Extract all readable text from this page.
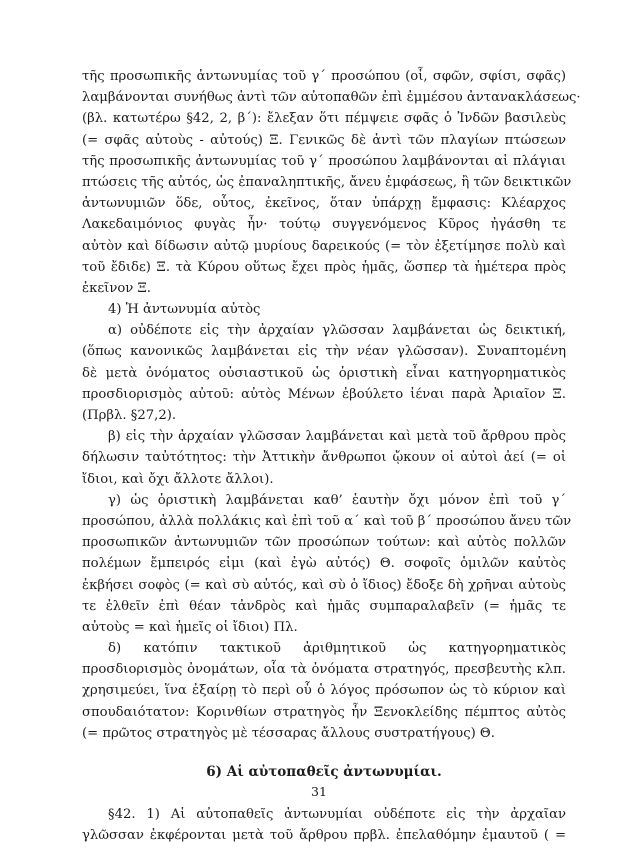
τῆς προσωπικῆς ἀντωνυμίας τοῦ γ΄ προσώπου (οἷ, σφῶν, σφίσι, σφᾶς)
λαμβάνονται συνήθως ἀντὶ τῶν αὐτοπαθῶν ἐπὶ ἐμμέσου ἀντανακλάσεως·
(βλ. κατωτέρω §42, 2, β΄): ἔλεξαν ὅτι πέμψειε σφᾶς ὁ Ἰνδῶν βασιλεὺς
(= σφᾶς αὐτοὺς - αὐτούς) Ξ. Γενικῶς δὲ ἀντὶ τῶν πλαγίων πτώσεων
τῆς προσωπικῆς ἀντωνυμίας τοῦ γ΄ προσώπου λαμβάνονται αἱ πλάγιαι
πτώσεις τῆς αὐτός, ὡς ἐπαναληπτικῆς, ἄνευ ἐμφάσεως, ἢ τῶν δεικτικῶν
ἀντωνυμιῶν ὅδε, οὗτος, ἐκεῖνος, ὅταν ὑπάρχῃ ἔμφασις: Κλέαρχος
Λακεδαιμόνιος φυγὰς ἦν· τούτῳ συγγενόμενος Κῦρος ἠγάσθη τε
αὐτὸν καὶ δίδωσιν αὐτῷ μυρίους δαρεικούς (= τὸν ἐξετίμησε πολὺ καὶ
τοῦ ἔδιδε) Ξ. τὰ Κύρου οὕτως ἔχει πρὸς ἡμᾶς, ὥσπερ τὰ ἡμέτερα πρὸς
ἐκεῖνον Ξ.
4) Ἡ ἀντωνυμία αὐτὸς
α) οὐδέποτε εἰς τὴν ἀρχαίαν γλῶσσαν λαμβάνεται ὡς δεικτική,
(ὅπως κανονικῶς λαμβάνεται εἰς τὴν νέαν γλῶσσαν). Συναπτομένη
δὲ μετὰ ὀνόματος οὐσιαστικοῦ ὡς ὁριστικὴ εἶναι κατηγορηματικὸς
προσδιορισμὸς αὐτοῦ: αὐτὸς Μένων ἐβούλετο ἰέναι παρὰ Ἀριαῖον Ξ.
(Πρβλ. §27,2).
β) εἰς τὴν ἀρχαίαν γλῶσσαν λαμβάνεται καὶ μετὰ τοῦ ἄρθρου πρὸς
δήλωσιν ταὐτότητος: τὴν Ἀττικὴν ἄνθρωποι ᾤκουν οἱ αὐτοὶ ἀεί (= οἱ
ἴδιοι, καὶ ὄχι ἄλλοτε ἄλλοι).
γ) ὡς ὁριστικὴ λαμβάνεται καθ’ ἑαυτὴν ὄχι μόνον ἐπὶ τοῦ γ΄
προσώπου, ἀλλὰ πολλάκις καὶ ἐπὶ τοῦ α΄ καὶ τοῦ β΄ προσώπου ἄνευ τῶν
προσωπικῶν ἀντωνυμιῶν τῶν προσώπων τούτων: καὶ αὐτὸς πολλῶν
πολέμων ἔμπειρός εἰμι (καὶ ἐγὼ αὐτός) Θ. σοφοῖς ὁμιλῶν καὐτὸς
ἐκβήσει σοφὸς (= καὶ σὺ αὐτός, καὶ σὺ ὁ ἴδιος) ἔδοξε δὴ χρῆναι αὐτοὺς
τε ἐλθεῖν ἐπὶ θέαν τἀνδρὸς καὶ ἡμᾶς συμπαραλαβεῖν (= ἡμᾶς τε
αὐτοὺς = καὶ ἡμεῖς οἱ ἴδιοι) Πλ.
δ) κατόπιν τακτικοῦ ἀριθμητικοῦ ὡς κατηγορηματικὸς
προσδιορισμὸς ὀνομάτων, οἷα τὰ ὀνόματα στρατηγός, πρεσβευτὴς κλπ.
χρησιμεύει, ἵνα ἐξαίρῃ τὸ περὶ οὗ ὁ λόγος πρόσωπον ὡς τὸ κύριον καὶ
σπουδαιότατον: Κορινθίων στρατηγὸς ἦν Ξενοκλείδης πέμπτος αὐτὸς
(= πρῶτος στρατηγὸς μὲ τέσσαρας ἄλλους συστρατήγους) Θ.
6) Αἱ αὐτοπαθεῖς ἀντωνυμίαι.
§42. 1) Αἱ αὐτοπαθεῖς ἀντωνυμίαι οὐδέποτε εἰς τὴν ἀρχαῖαν
γλῶσσαν ἐκφέρονται μετὰ τοῦ ἄρθρου πρβλ. ἐπελαθόμην ἐμαυτοῦ ( =
31
